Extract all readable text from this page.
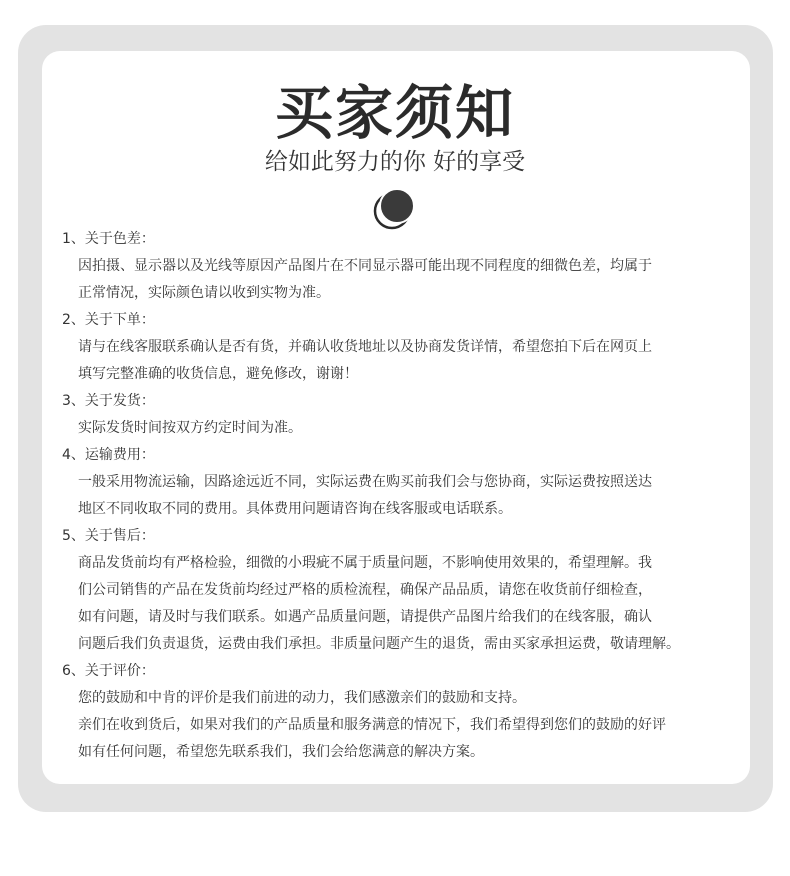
买家须知
给如此努力的你 好的享受
1、关于色差：
因拍摄、显示器以及光线等原因产品图片在不同显示器可能出现不同程度的细微色差，均属于
正常情况，实际颜色请以收到实物为准。
2、关于下单：
请与在线客服联系确认是否有货，并确认收货地址以及协商发货详情，希望您拍下后在网页上
填写完整准确的收货信息，避免修改，谢谢！
3、关于发货：
实际发货时间按双方约定时间为准。
4、运输费用：
一般采用物流运输，因路途远近不同，实际运费在购买前我们会与您协商，实际运费按照送达
地区不同收取不同的费用。具体费用问题请咨询在线客服或电话联系。
5、关于售后：
商品发货前均有严格检验，细微的小瑕疵不属于质量问题，不影响使用效果的，希望理解。我
们公司销售的产品在发货前均经过严格的质检流程，确保产品品质，请您在收货前仔细检查，
如有问题，请及时与我们联系。如遇产品质量问题，请提供产品图片给我们的在线客服，确认
问题后我们负责退货，运费由我们承担。非质量问题产生的退货，需由买家承担运费，敬请理解。
6、关于评价：
您的鼓励和中肯的评价是我们前进的动力，我们感激亲们的鼓励和支持。
亲们在收到货后，如果对我们的产品质量和服务满意的情况下，我们希望得到您们的鼓励的好评
如有任何问题，希望您先联系我们，我们会给您满意的解决方案。
